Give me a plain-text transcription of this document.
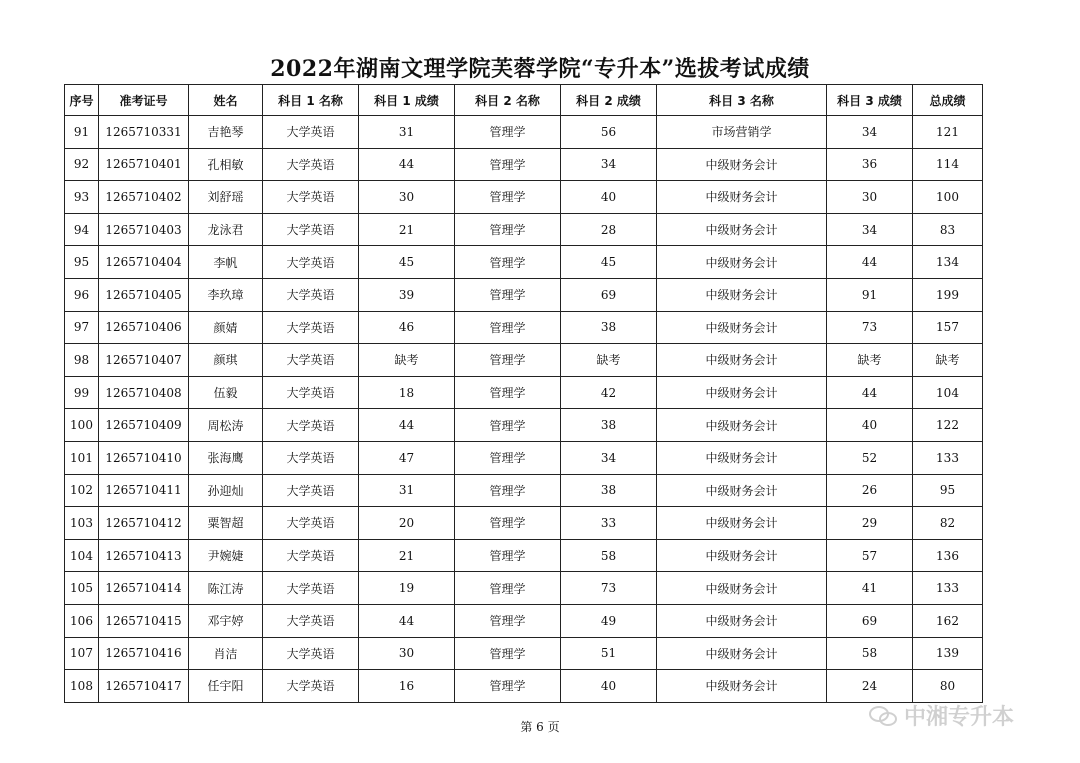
2022年湖南文理学院芙蓉学院“专升本”选拔考试成绩
序号	准考证号	姓名	科目 1 名称	科目 1 成绩	科目 2 名称	科目 2 成绩	科目 3 名称	科目 3 成绩	总成绩
91	1265710331	吉艳琴	大学英语	31	管理学	56	市场营销学	34	121
92	1265710401	孔相敏	大学英语	44	管理学	34	中级财务会计	36	114
93	1265710402	刘舒瑶	大学英语	30	管理学	40	中级财务会计	30	100
94	1265710403	龙泳君	大学英语	21	管理学	28	中级财务会计	34	83
95	1265710404	李帆	大学英语	45	管理学	45	中级财务会计	44	134
96	1265710405	李玖璋	大学英语	39	管理学	69	中级财务会计	91	199
97	1265710406	颜婧	大学英语	46	管理学	38	中级财务会计	73	157
98	1265710407	颜琪	大学英语	缺考	管理学	缺考	中级财务会计	缺考	缺考
99	1265710408	伍毅	大学英语	18	管理学	42	中级财务会计	44	104
100	1265710409	周松涛	大学英语	44	管理学	38	中级财务会计	40	122
101	1265710410	张海鹰	大学英语	47	管理学	34	中级财务会计	52	133
102	1265710411	孙迎灿	大学英语	31	管理学	38	中级财务会计	26	95
103	1265710412	粟智超	大学英语	20	管理学	33	中级财务会计	29	82
104	1265710413	尹婉婕	大学英语	21	管理学	58	中级财务会计	57	136
105	1265710414	陈江涛	大学英语	19	管理学	73	中级财务会计	41	133
106	1265710415	邓宇婷	大学英语	44	管理学	49	中级财务会计	69	162
107	1265710416	肖洁	大学英语	30	管理学	51	中级财务会计	58	139
108	1265710417	任宇阳	大学英语	16	管理学	40	中级财务会计	24	80
第 6 页	中湘专升本
